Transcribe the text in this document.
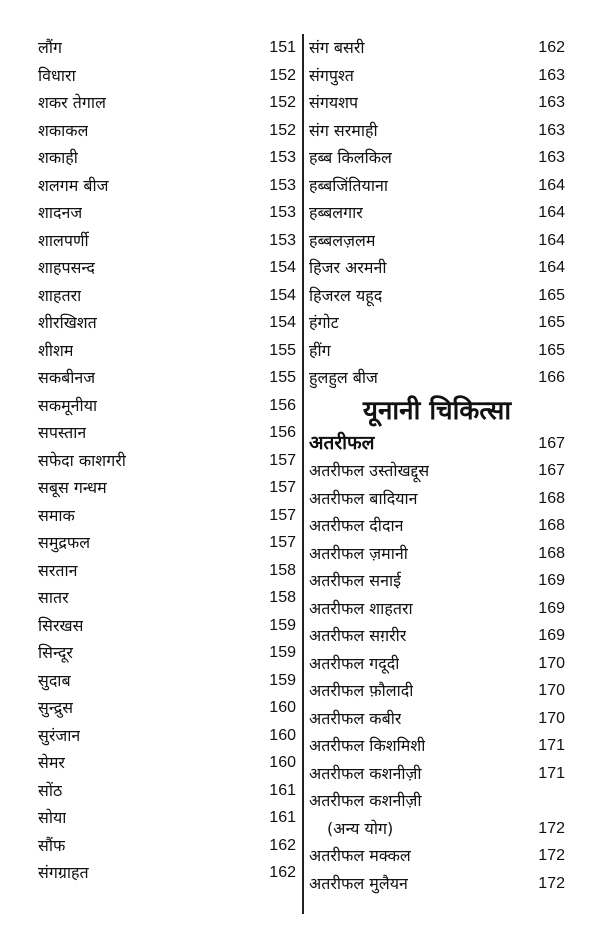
लौंग	151
विधारा	152
शकर तेगाल	152
शकाकल	152
शकाही	153
शलगम बीज	153
शादनज	153
शालपर्णी	153
शाहपसन्द	154
शाहतरा	154
शीरखिशत	154
शीशम	155
सकबीनज	155
सकमूनीया	156
सपस्तान	156
सफेदा काशगरी	157
सबूस गन्धम	157
समाक	157
समुद्रफल	157
सरतान	158
सातर	158
सिरखस	159
सिन्दूर	159
सुदाब	159
सुन्द्रुस	160
सुरंजान	160
सेमर	160
सोंठ	161
सोया	161
सौंफ	162
संगग्राहत	162
संग बसरी	162
संगपुश्त	163
संगयशप	163
संग सरमाही	163
हब्ब किलकिल	163
हब्बजिंतियाना	164
हब्बलगार	164
हब्बलज़लम	164
हिजर अरमनी	164
हिजरल यहूद	165
हंगोट	165
हींग	165
हुलहुल बीज	166
यूनानी चिकित्सा
अतरीफल	167
अतरीफल उस्तोखद्दूस	167
अतरीफल बादियान	168
अतरीफल दीदान	168
अतरीफल ज़मानी	168
अतरीफल सनाई	169
अतरीफल शाहतरा	169
अतरीफल सग़रीर	169
अतरीफल गदूदी	170
अतरीफल फ़ौलादी	170
अतरीफल कबीर	170
अतरीफल किशमिशी	171
अतरीफल कशनीज़ी	171
अतरीफल कशनीज़ी
(अन्य योग)	172
अतरीफल मक्कल	172
अतरीफल मुलैयन	172
